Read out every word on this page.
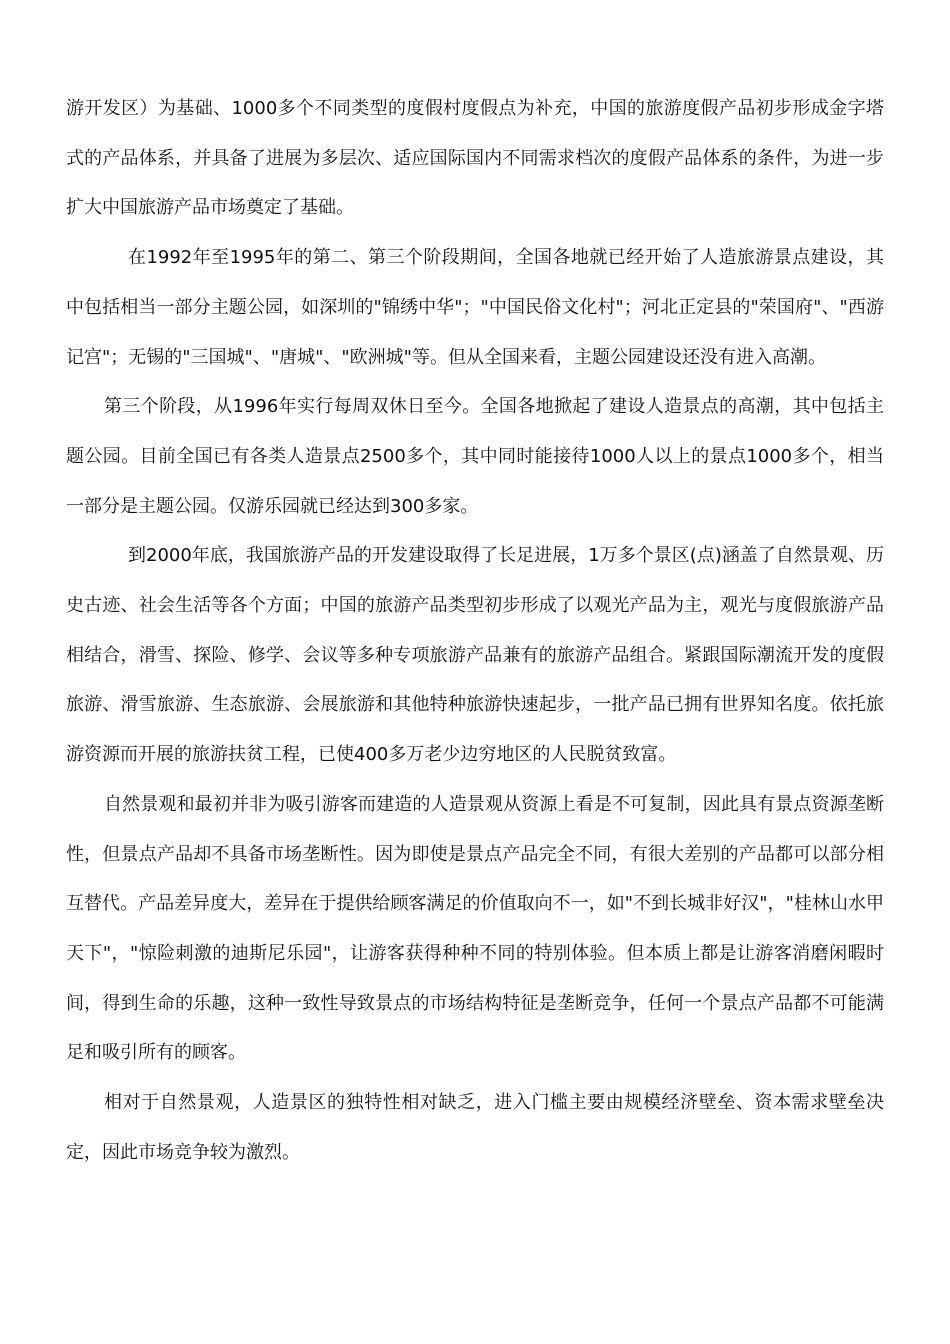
游开发区）为基础、1000多个不同类型的度假村度假点为补充，中国的旅游度假产品初步形成金字塔式的产品体系，并具备了进展为多层次、适应国际国内不同需求档次的度假产品体系的条件，为进一步扩大中国旅游产品市场奠定了基础。

在1992年至1995年的第二、第三个阶段期间，全国各地就已经开始了人造旅游景点建设，其中包括相当一部分主题公园，如深圳的"锦绣中华"；"中国民俗文化村"；河北正定县的"荣国府"、"西游记宫"；无锡的"三国城"、"唐城"、"欧洲城"等。但从全国来看，主题公园建设还没有进入高潮。

第三个阶段，从1996年实行每周双休日至今。全国各地掀起了建设人造景点的高潮，其中包括主题公园。目前全国已有各类人造景点2500多个，其中同时能接待1000人以上的景点1000多个，相当一部分是主题公园。仅游乐园就已经达到300多家。

到2000年底，我国旅游产品的开发建设取得了长足进展，1万多个景区(点)涵盖了自然景观、历史古迹、社会生活等各个方面；中国的旅游产品类型初步形成了以观光产品为主，观光与度假旅游产品相结合，滑雪、探险、修学、会议等多种专项旅游产品兼有的旅游产品组合。紧跟国际潮流开发的度假旅游、滑雪旅游、生态旅游、会展旅游和其他特种旅游快速起步，一批产品已拥有世界知名度。依托旅游资源而开展的旅游扶贫工程，已使400多万老少边穷地区的人民脱贫致富。

自然景观和最初并非为吸引游客而建造的人造景观从资源上看是不可复制，因此具有景点资源垄断性，但景点产品却不具备市场垄断性。因为即使是景点产品完全不同，有很大差别的产品都可以部分相互替代。产品差异度大，差异在于提供给顾客满足的价值取向不一，如"不到长城非好汉"，"桂林山水甲天下"，"惊险刺激的迪斯尼乐园"，让游客获得种种不同的特别体验。但本质上都是让游客消磨闲暇时间，得到生命的乐趣，这种一致性导致景点的市场结构特征是垄断竞争，任何一个景点产品都不可能满足和吸引所有的顾客。

相对于自然景观，人造景区的独特性相对缺乏，进入门槛主要由规模经济壁垒、资本需求壁垒决定，因此市场竞争较为激烈。
